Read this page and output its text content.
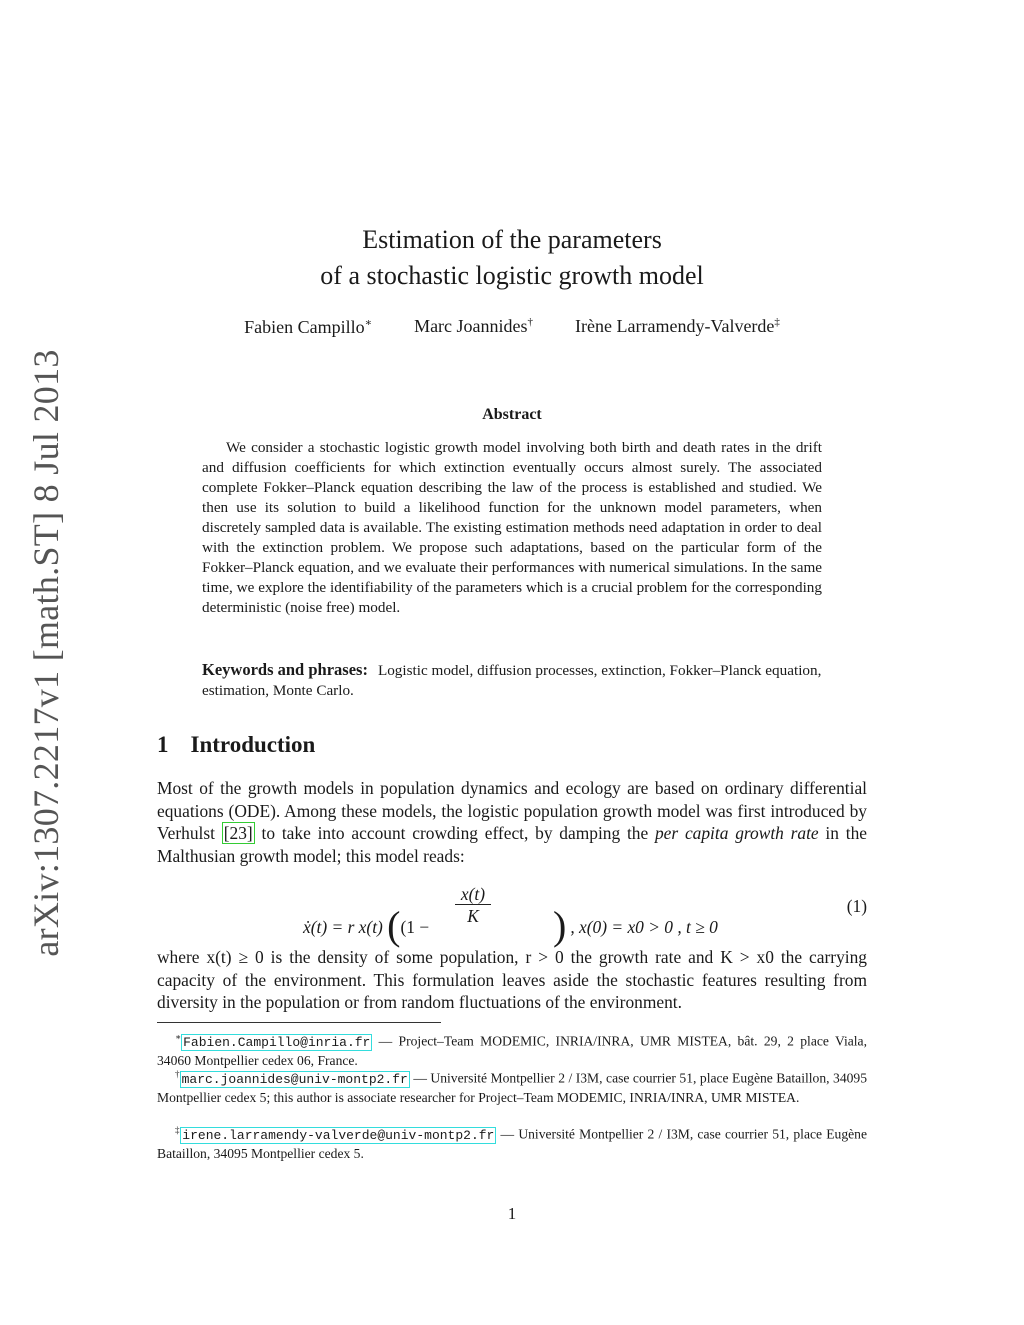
arXiv:1307.2217v1 [math.ST] 8 Jul 2013
Estimation of the parameters
of a stochastic logistic growth model
Fabien Campillo∗ Marc Joannides† Irène Larramendy-Valverde‡
Abstract

We consider a stochastic logistic growth model involving both birth and death rates in the drift and diffusion coefficients for which extinction eventually occurs almost surely. The associated complete Fokker–Planck equation describing the law of the process is established and studied. We then use its solution to build a likelihood function for the unknown model parameters, when discretely sampled data is available. The existing estimation methods need adaptation in order to deal with the extinction problem. We propose such adaptations, based on the particular form of the Fokker–Planck equation, and we evaluate their performances with numerical simulations. In the same time, we explore the identifiability of the parameters which is a crucial problem for the corresponding deterministic (noise free) model.

Keywords and phrases: Logistic model, diffusion processes, extinction, Fokker–Planck equation, estimation, Monte Carlo.

1 Introduction

Most of the growth models in population dynamics and ecology are based on ordinary differential equations (ODE). Among these models, the logistic population growth model was first introduced by Verhulst [23] to take into account crowding effect, by damping the per capita growth rate in the Malthusian growth model; this model reads:

ẋ(t) = r x(t) (($1 - \frac{x(t)}{K}$ ) , x(0) = x0 > 0 , t ≥ 0
(1)

where x(t) ≥ 0 is the density of some population, r > 0 the growth rate and K > x0 the carrying capacity of the environment. This formulation leaves aside the stochastic features resulting from diversity in the population or from random fluctuations of the environment.

∗ Fabien.Campillo@inria.fr — Project–Team MODEMIC, INRIA/INRA, UMR MISTEA, bât. 29, 2 place Viala, 34060 Montpellier cedex 06, France.

† marc.joannides@univ-montp2.fr — Université Montpellier 2 / I3M, case courrier 51, place Eugène Bataillon, 34095 Montpellier cedex 5; this author is associate researcher for Project–Team MODEMIC, INRIA/INRA, UMR MISTEA.

‡ irene.larramendy-valverde@univ-montp2.fr — Université Montpellier 2 / I3M, case courrier 51, place Eugène Bataillon, 34095 Montpellier cedex 5.

1
